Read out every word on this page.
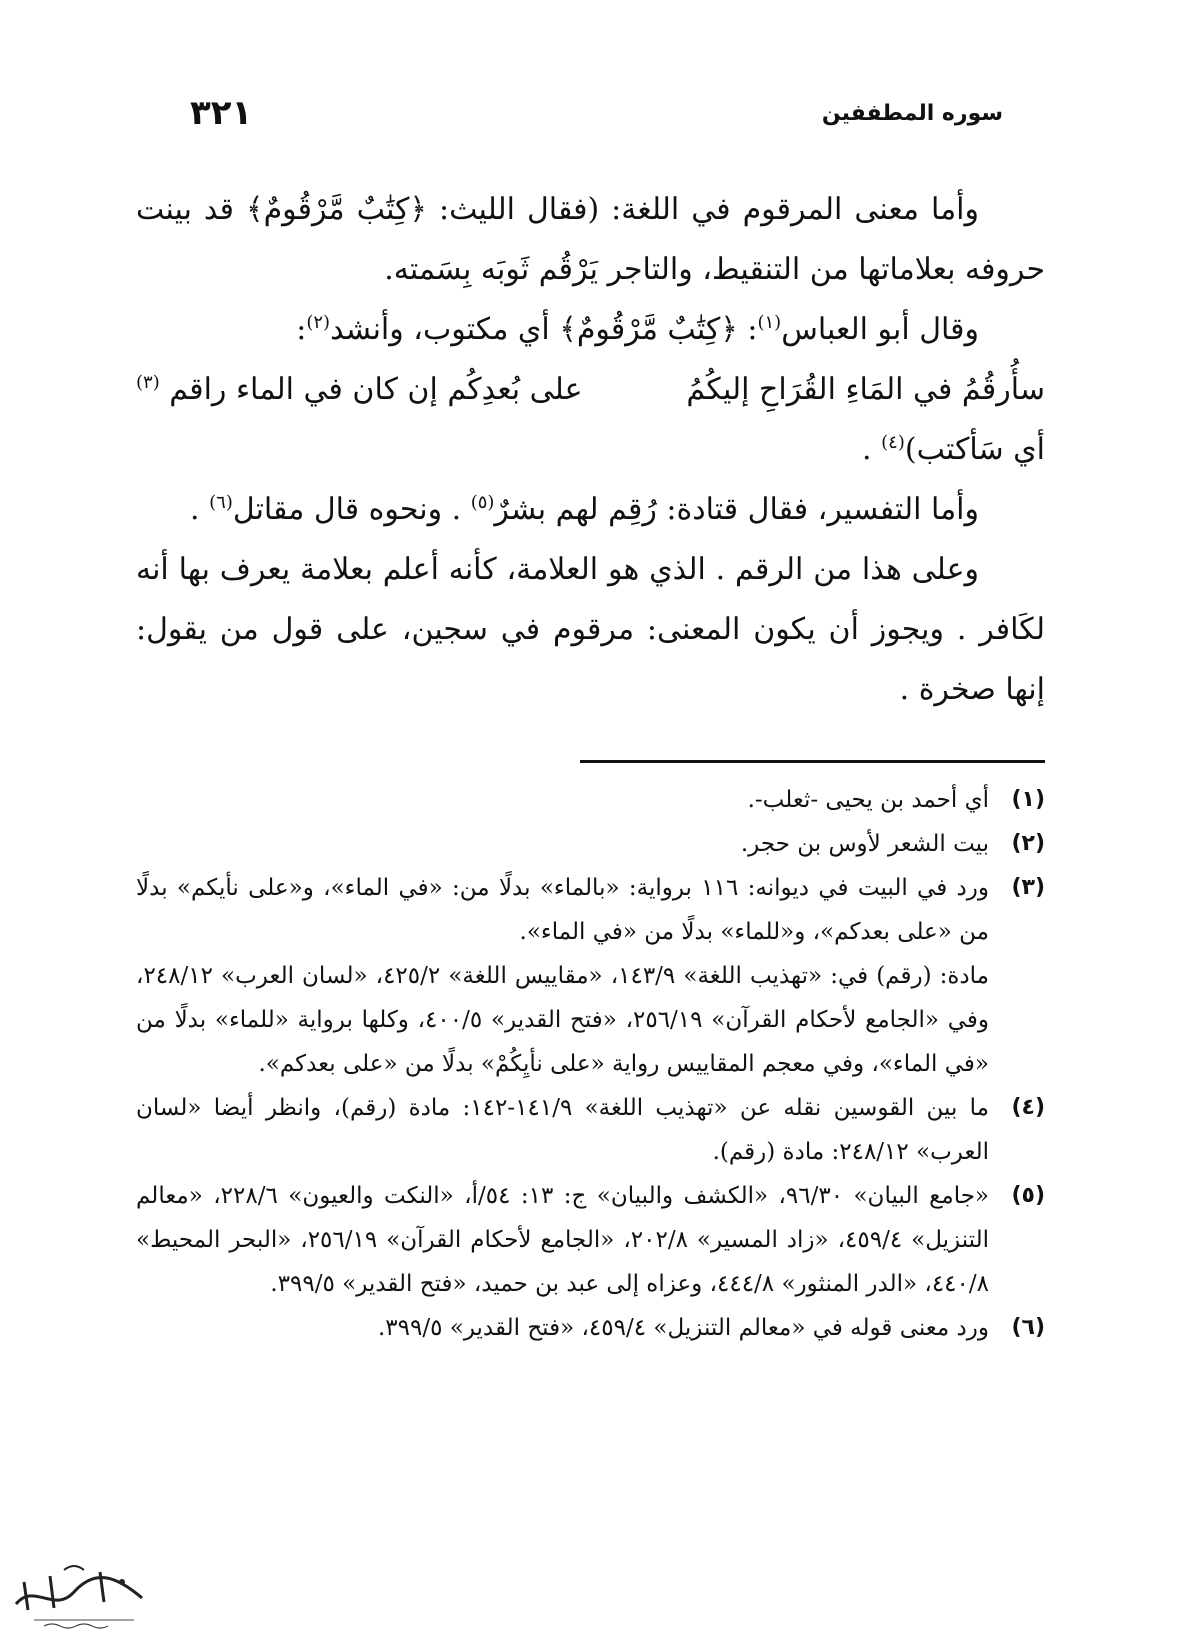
سوره المطففين
٣٢١

وأما معنى المرقوم في اللغة: (فقال الليث: ﴿كِتَٰبٌ مَّرْقُومٌ﴾ قد بينت حروفه بعلاماتها من التنقيط، والتاجر يَرْقُم ثَوبَه بِسَمته.

وقال أبو العباس$^{(١)}$: ﴿كِتَٰبٌ مَّرْقُومٌ﴾ أي مكتوب، وأنشد$^{(٢)}$:

سأُرقُمُ في المَاءِ القُرَاحِ إليكُمُ
على بُعدِكُم إن كان في الماء راقم $^{(٣)}$

أي سَأكتب)$^{(٤)}$ .

وأما التفسير، فقال قتادة: رُقِم لهم بشرٌ$^{(٥)}$ . ونحوه قال مقاتل$^{(٦)}$ .

وعلى هذا من الرقم . الذي هو العلامة، كأنه أعلم بعلامة يعرف بها أنه لكَافر . ويجوز أن يكون المعنى: مرقوم في سجين، على قول من يقول: إنها صخرة .

(١)

أي أحمد بن يحيى -ثعلب-.

(٢)

بيت الشعر لأوس بن حجر.

(٣)

ورد في البيت في ديوانه: ١١٦ برواية: «بالماء» بدلًا من: «في الماء»، و«على نأيكم» بدلًا من «على بعدكم»، و«للماء» بدلًا من «في الماء».

مادة: (رقم) في: «تهذيب اللغة» ١٤٣/٩، «مقاييس اللغة» ٤٢٥/٢، «لسان العرب» ٢٤٨/١٢، وفي «الجامع لأحكام القرآن» ٢٥٦/١٩، «فتح القدير» ٤٠٠/٥، وكلها برواية «للماء» بدلًا من «في الماء»، وفي معجم المقاييس رواية «على نأيِكُمْ» بدلًا من «على بعدكم».

(٤)

ما بين القوسين نقله عن «تهذيب اللغة» ١٤١/٩-١٤٢: مادة (رقم)، وانظر أيضا «لسان العرب» ٢٤٨/١٢: مادة (رقم).

(٥)

«جامع البيان» ٩٦/٣٠، «الكشف والبيان» ج: ١٣: ٥٤/أ، «النكت والعيون» ٢٢٨/٦، «معالم التنزيل» ٤٥٩/٤، «زاد المسير» ٢٠٢/٨، «الجامع لأحكام القرآن» ٢٥٦/١٩، «البحر المحيط» ٤٤٠/٨، «الدر المنثور» ٤٤٤/٨، وعزاه إلى عبد بن حميد، «فتح القدير» ٣٩٩/٥.

(٦)

ورد معنى قوله في «معالم التنزيل» ٤٥٩/٤، «فتح القدير» ٣٩٩/٥.
